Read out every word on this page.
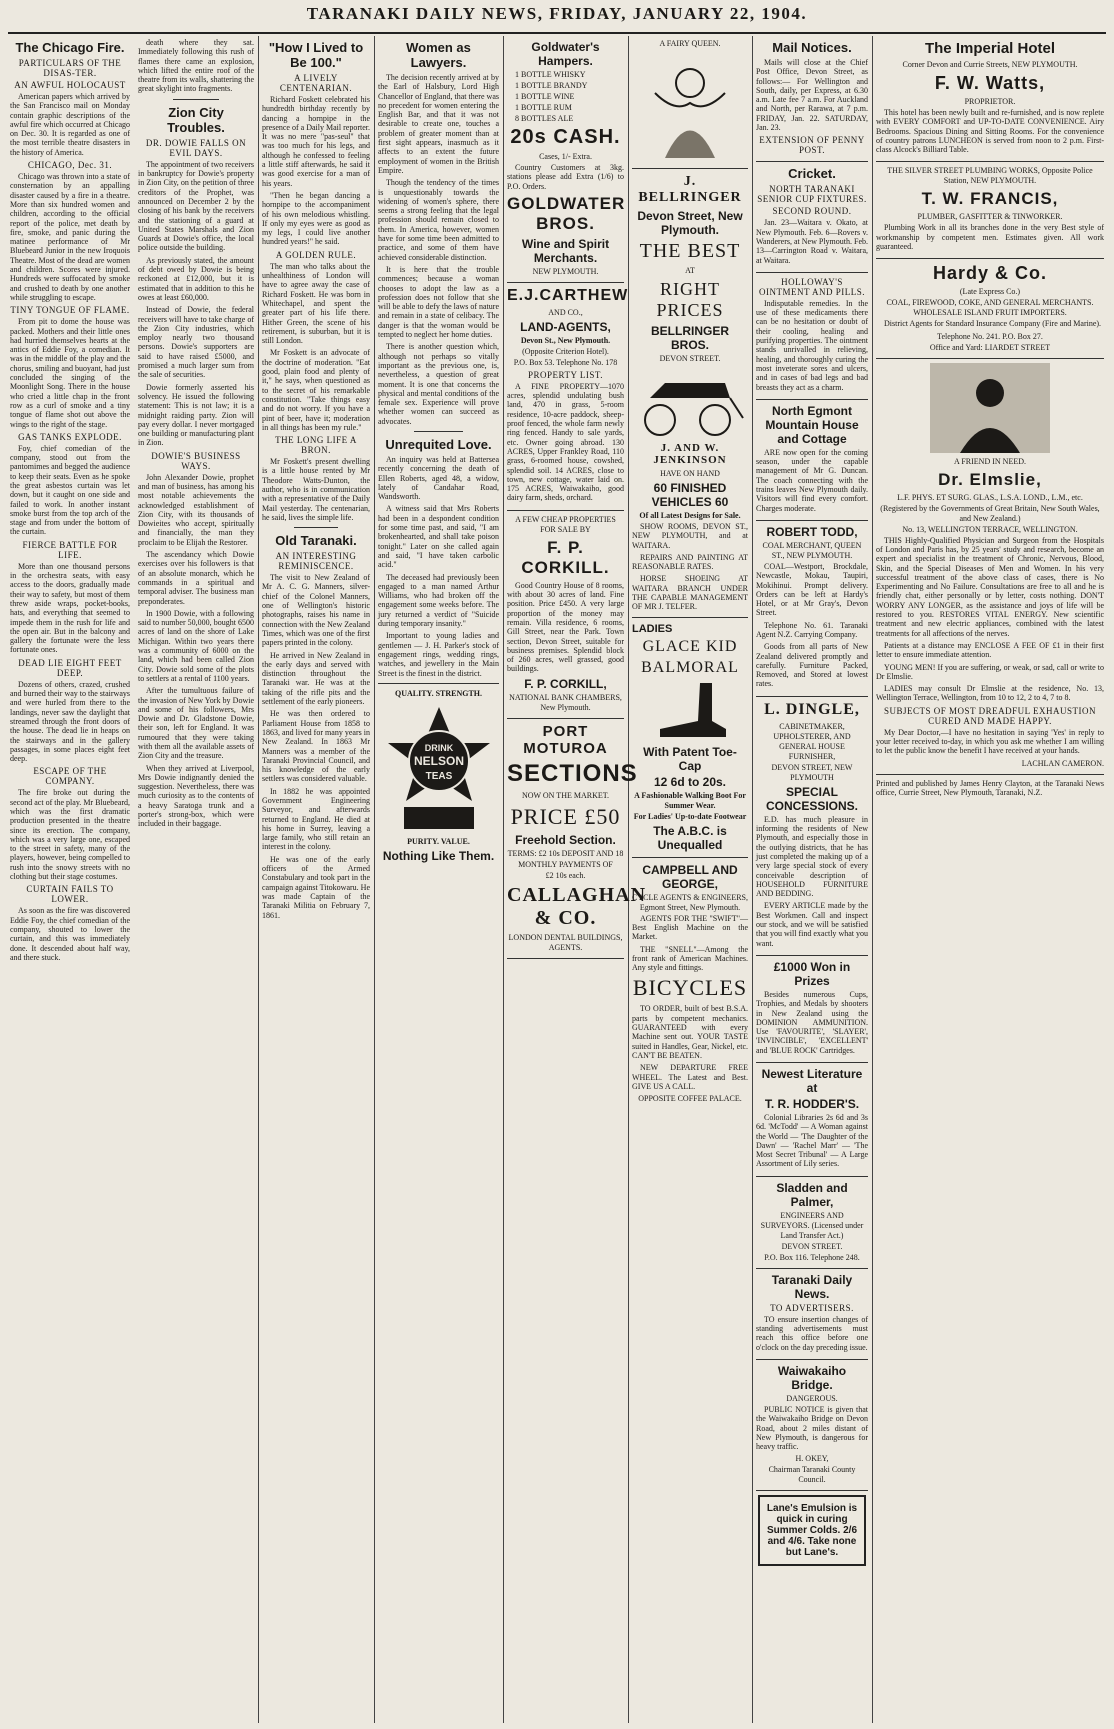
TARANAKI DAILY NEWS, FRIDAY, JANUARY 22, 1904.
The Chicago Fire.
PARTICULARS OF THE DISAS-TER.
AN AWFUL HOLOCAUST

American papers which arrived by the San Francisco mail on Monday contain graphic descriptions of the awful fire which occurred at Chicago on Dec. 30. It is regarded as one of the most terrible theatre disasters in the history of America.

CHICAGO, Dec. 31.

Chicago was thrown into a state of consternation by an appalling disaster caused by a fire in a theatre. More than six hundred women and children, according to the official report of the police, met death by fire, smoke, and panic during the matinee performance of Mr Bluebeard Junior in the new Iroquois Theatre. Most of the dead are women and children. Scores were injured. Hundreds were suffocated by smoke and crushed to death by one another while struggling to escape.

TINY TONGUE OF FLAME.

From pit to dome the house was packed. Mothers and their little ones had hurried themselves hearts at the antics of Eddie Foy, a comedian. It was in the middle of the play and the chorus, smiling and buoyant, had just concluded the singing of the Moonlight Song. There in the house who cried a little chap in the front row as a curl of smoke and a tiny tongue of flame shot out above the wings to the right of the stage.

GAS TANKS EXPLODE.

Foy, chief comedian of the company, stood out from the pantomimes and begged the audience to keep their seats. Even as he spoke the great asbestos curtain was let down, but it caught on one side and failed to work. In another instant smoke burst from the top arch of the stage and from under the bottom of the curtain.

FIERCE BATTLE FOR LIFE.

More than one thousand persons in the orchestra seats, with easy access to the doors, gradually made their way to safety, but most of them threw aside wraps, pocket-books, hats, and everything that seemed to impede them in the rush for life and the open air. But in the balcony and gallery the fortunate were the less fortunate ones.

DEAD LIE EIGHT FEET DEEP.

Dozens of others, crazed, crushed and burned their way to the stairways and were hurled from there to the landings, never saw the daylight that streamed through the front doors of the house. The dead lie in heaps on the stairways and in the gallery passages, in some places eight feet deep.

ESCAPE OF THE COMPANY.

The fire broke out during the second act of the play. Mr Bluebeard, which was the first dramatic production presented in the theatre since its erection. The company, which was a very large one, escaped to the street in safety, many of the players, however, being compelled to rush into the snowy streets with no clothing but their stage costumes.

CURTAIN FAILS TO LOWER.

As soon as the fire was discovered Eddie Foy, the chief comedian of the company, shouted to lower the curtain, and this was immediately done. It descended about half way, and there stuck.

death where they sat. Immediately following this rush of flames there came an explosion, which lifted the entire roof of the theatre from its walls, shattering the great skylight into fragments.

Zion City Troubles.
DR. DOWIE FALLS ON EVIL DAYS.

The appointment of two receivers in bankruptcy for Dowie's property in Zion City, on the petition of three creditors of the Prophet, was announced on December 2 by the closing of his bank by the receivers and the stationing of a guard at United States Marshals and Zion Guards at Dowie's office, the local police outside the building.

As previously stated, the amount of debt owed by Dowie is being reckoned at £12,000, but it is estimated that in addition to this he owes at least £60,000.

Instead of Dowie, the federal receivers will have to take charge of the Zion City industries, which employ nearly two thousand persons. Dowie's supporters are said to have raised £5000, and promised a much larger sum from the sale of securities.

Dowie formerly asserted his solvency. He issued the following statement: This is not law; it is a midnight raiding party. Zion will pay every dollar. I never mortgaged one building or manufacturing plant in Zion.

DOWIE'S BUSINESS WAYS.

John Alexander Dowie, prophet and man of business, has among his most notable achievements the acknowledged establishment of Zion City, with its thousands of Dowieites who accept, spiritually and financially, the man they proclaim to be Elijah the Restorer.

The ascendancy which Dowie exercises over his followers is that of an absolute monarch, which he commands in a spiritual and temporal adviser. The business man preponderates.

In 1900 Dowie, with a following said to number 50,000, bought 6500 acres of land on the shore of Lake Michigan. Within two years there was a community of 6000 on the land, which had been called Zion City. Dowie sold some of the plots to settlers at a rental of 1100 years.

After the tumultuous failure of the invasion of New York by Dowie and some of his followers, Mrs Dowie and Dr. Gladstone Dowie, their son, left for England. It was rumoured that they were taking with them all the available assets of Zion City and the treasure.

When they arrived at Liverpool, Mrs Dowie indignantly denied the suggestion. Nevertheless, there was much curiosity as to the contents of a heavy Saratoga trunk and a porter's strong-box, which were included in their baggage.

"How I Lived to Be 100."
A LIVELY CENTENARIAN.

Richard Foskett celebrated his hundredth birthday recently by dancing a hornpipe in the presence of a Daily Mail reporter. It was no mere "pas-seul" that was too much for his legs, and although he confessed to feeling a little stiff afterwards, he said it was good exercise for a man of his years.

"Then he began dancing a hornpipe to the accompaniment of his own melodious whistling. If only my eyes were as good as my legs, I could live another hundred years!" he said.

A GOLDEN RULE.

The man who talks about the unhealthiness of London will have to agree away the case of Richard Foskett. He was born in Whitechapel, and spent the greater part of his life there. Hither Green, the scene of his retirement, is suburban, but it is still London.

Mr Foskett is an advocate of the doctrine of moderation. "Eat good, plain food and plenty of it," he says, when questioned as to the secret of his remarkable constitution. "Take things easy and do not worry. If you have a pint of beer, have it; moderation in all things has been my rule."

THE LONG LIFE A BRON.

Mr Foskett's present dwelling is a little house rented by Mr Theodore Watts-Dunton, the author, who is in communication with a representative of the Daily Mail yesterday. The centenarian, he said, lives the simple life.

Old Taranaki.
AN INTERESTING REMINISCENCE.

The visit to New Zealand of Mr A. C. G. Manners, silver-chief of the Colonel Manners, one of Wellington's historic photographs, raises his name in connection with the New Zealand Times, which was one of the first papers printed in the colony.

He arrived in New Zealand in the early days and served with distinction throughout the Taranaki war. He was at the taking of the rifle pits and the settlement of the early pioneers.

He was then ordered to Parliament House from 1858 to 1863, and lived for many years in New Zealand. In 1863 Mr Manners was a member of the Taranaki Provincial Council, and his knowledge of the early settlers was considered valuable.

In 1882 he was appointed Government Engineering Surveyor, and afterwards returned to England. He died at his home in Surrey, leaving a large family, who still retain an interest in the colony.

He was one of the early officers of the Armed Constabulary and took part in the campaign against Titokowaru. He was made Captain of the Taranaki Militia on February 7, 1861.

Women as Lawyers.

The decision recently arrived at by the Earl of Halsbury, Lord High Chancellor of England, that there was no precedent for women entering the English Bar, and that it was not desirable to create one, touches a problem of greater moment than at first sight appears, inasmuch as it affects to an extent the future employment of women in the British Empire.

Though the tendency of the times is unquestionably towards the widening of women's sphere, there seems a strong feeling that the legal profession should remain closed to them. In America, however, women have for some time been admitted to practice, and some of them have achieved considerable distinction.

It is here that the trouble commences; because a woman chooses to adopt the law as a profession does not follow that she will be able to defy the laws of nature and remain in a state of celibacy. The danger is that the woman would be tempted to neglect her home duties.

There is another question which, although not perhaps so vitally important as the previous one, is, nevertheless, a question of great moment. It is one that concerns the physical and mental conditions of the female sex. Experience will prove whether women can succeed as advocates.

Unrequited Love.

An inquiry was held at Battersea recently concerning the death of Ellen Roberts, aged 48, a widow, lately of Candahar Road, Wandsworth.

A witness said that Mrs Roberts had been in a despondent condition for some time past, and said, "I am brokenhearted, and shall take poison tonight." Later on she called again and said, "I have taken carbolic acid."

The deceased had previously been engaged to a man named Arthur Williams, who had broken off the engagement some weeks before. The jury returned a verdict of "Suicide during temporary insanity."

Important to young ladies and gentlemen — J. H. Parker's stock of engagement rings, wedding rings, watches, and jewellery in the Main Street is the finest in the district.

QUALITY. STRENGTH.
DRINK
NELSON
TEAS
PURITY. VALUE.
Nothing Like Them.
Goldwater's Hampers.
1 BOTTLE WHISKY
1 BOTTLE BRANDY
1 BOTTLE WINE
1 BOTTLE RUM
8 BOTTLES ALE
20s CASH.
Cases, 1/- Extra.
Country Customers at 3kg. stations please add Extra (1/6) to P.O. Orders.
GOLDWATER BROS.
Wine and Spirit Merchants.
NEW PLYMOUTH.
E.J.CARTHEW
AND CO.,
LAND-AGENTS,
Devon St., New Plymouth.
(Opposite Criterion Hotel).
P.O. Box 53. Telephone No. 178
PROPERTY LIST.

A FINE PROPERTY—1070 acres, splendid undulating bush land, 470 in grass, 5-room residence, 10-acre paddock, sheep-proof fenced, the whole farm newly ring fenced. Handy to sale yards, etc. Owner going abroad. 130 ACRES, Upper Frankley Road, 110 grass, 6-roomed house, cowshed, splendid soil. 14 ACRES, close to town, new cottage, water laid on. 175 ACRES, Waiwakaiho, good dairy farm, sheds, orchard.

A FEW CHEAP PROPERTIES FOR SALE BY
F. P. CORKILL.

Good Country House of 8 rooms, with about 30 acres of land. Fine position. Price £450. A very large proportion of the money may remain. Villa residence, 6 rooms, Gill Street, near the Park. Town section, Devon Street, suitable for business premises. Splendid block of 260 acres, well grassed, good buildings.

F. P. CORKILL,
NATIONAL BANK CHAMBERS, New Plymouth.
PORT MOTUROA
SECTIONS
NOW ON THE MARKET.
PRICE £50
Freehold Section.
TERMS: £2 10s DEPOSIT AND 18
MONTHLY PAYMENTS OF
£2 10s each.
CALLAGHAN & CO.
LONDON DENTAL BUILDINGS, AGENTS.
A FAIRY QUEEN.
J. BELLRINGER
Devon Street, New Plymouth.
THE BEST
AT
RIGHT PRICES
BELLRINGER BROS.
DEVON STREET.
J. AND W. JENKINSON
HAVE ON HAND
60 FINISHED VEHICLES 60
Of all Latest Designs for Sale.

SHOW ROOMS, DEVON ST., NEW PLYMOUTH, and at WAITARA.

REPAIRS AND PAINTING AT REASONABLE RATES.

HORSE SHOEING AT WAITARA BRANCH UNDER THE CAPABLE MANAGEMENT OF MR J. TELFER.

LADIES
GLACE KID
BALMORAL
With Patent Toe-Cap
12 6d to 20s.
A Fashionable Walking Boot For Summer Wear.
For Ladies' Up-to-date Footwear
The A.B.C. is Unequalled
CAMPBELL AND GEORGE,
CYCLE AGENTS & ENGINEERS, Egmont Street, New Plymouth.

AGENTS FOR THE "SWIFT"—Best English Machine on the Market.

THE "SNELL"—Among the front rank of American Machines. Any style and fittings.

BICYCLES

TO ORDER, built of best B.S.A. parts by competent mechanics. GUARANTEED with every Machine sent out. YOUR TASTE suited in Handles, Gear, Nickel, etc. CAN'T BE BEATEN.

NEW DEPARTURE FREE WHEEL. The Latest and Best. GIVE US A CALL.

OPPOSITE COFFEE PALACE.
Mail Notices.

Mails will close at the Chief Post Office, Devon Street, as follows:— For Wellington and South, daily, per Express, at 6.30 a.m. Late fee 7 a.m. For Auckland and North, per Rarawa, at 7 p.m. FRIDAY, Jan. 22. SATURDAY, Jan. 23.

EXTENSION OF PENNY POST.
Cricket.
NORTH TARANAKI SENIOR CUP FIXTURES.
SECOND ROUND.

Jan. 23—Waitara v. Okato, at New Plymouth. Feb. 6—Rovers v. Wanderers, at New Plymouth. Feb. 13—Carrington Road v. Waitara, at Waitara.

HOLLOWAY'S OINTMENT AND PILLS.

Indisputable remedies. In the use of these medicaments there can be no hesitation or doubt of their cooling, healing and purifying properties. The ointment stands unrivalled in relieving, healing, and thoroughly curing the most inveterate sores and ulcers, and in cases of bad legs and bad breasts they act as a charm.

North Egmont Mountain House and Cottage

ARE now open for the coming season, under the capable management of Mr G. Duncan. The coach connecting with the trains leaves New Plymouth daily. Visitors will find every comfort. Charges moderate.

ROBERT TODD,
COAL MERCHANT, QUEEN ST., NEW PLYMOUTH.

COAL—Westport, Brockdale, Newcastle, Mokau, Taupiri, Mokihinui. Prompt delivery. Orders can be left at Hardy's Hotel, or at Mr Gray's, Devon Street.

Telephone No. 61. Taranaki Agent N.Z. Carrying Company.

Goods from all parts of New Zealand delivered promptly and carefully. Furniture Packed, Removed, and Stored at lowest rates.

L. DINGLE,
CABINETMAKER, UPHOLSTERER, AND GENERAL HOUSE FURNISHER,
DEVON STREET, NEW PLYMOUTH
SPECIAL CONCESSIONS.

E.D. has much pleasure in informing the residents of New Plymouth, and especially those in the outlying districts, that he has just completed the making up of a very large special stock of every conceivable description of HOUSEHOLD FURNITURE AND BEDDING.

EVERY ARTICLE made by the Best Workmen. Call and inspect our stock, and we will be satisfied that you will find exactly what you want.

£1000 Won in Prizes

Besides numerous Cups, Trophies, and Medals by shooters in New Zealand using the DOMINION AMMUNITION. Use 'FAVOURITE', 'SLAYER', 'INVINCIBLE', 'EXCELLENT' and 'BLUE ROCK' Cartridges.

Newest Literature at
T. R. HODDER'S.

Colonial Libraries 2s 6d and 3s 6d. 'McTodd' — A Woman against the World — 'The Daughter of the Dawn' — 'Rachel Marr' — 'The Most Secret Tribunal' — A Large Assortment of Lily series.

Sladden and Palmer,
ENGINEERS AND SURVEYORS. (Licensed under Land Transfer Act.)
DEVON STREET.
P.O. Box 116. Telephone 248.
Taranaki Daily News.
TO ADVERTISERS.

TO ensure insertion changes of standing advertisements must reach this office before one o'clock on the day preceding issue.

Waiwakaiho Bridge.
DANGEROUS.

PUBLIC NOTICE is given that the Waiwakaiho Bridge on Devon Road, about 2 miles distant of New Plymouth, is dangerous for heavy traffic.

H. OKEY,
Chairman Taranaki County Council.
Lane's Emulsion is quick in curing Summer Colds. 2/6 and 4/6. Take none but Lane's.
The Imperial Hotel
Corner Devon and Currie Streets, NEW PLYMOUTH.
F. W. Watts,
PROPRIETOR.

This hotel has been newly built and re-furnished, and is now replete with EVERY COMFORT and UP-TO-DATE CONVENIENCE. Airy Bedrooms. Spacious Dining and Sitting Rooms. For the convenience of country patrons LUNCHEON is served from noon to 2 p.m. First-class Alcock's Billiard Table.

THE SILVER STREET PLUMBING WORKS, Opposite Police Station, NEW PLYMOUTH.
T. W. FRANCIS,
PLUMBER, GASFITTER & TINWORKER.

Plumbing Work in all its branches done in the very Best style of workmanship by competent men. Estimates given. All work guaranteed.

Hardy & Co.
(Late Express Co.)
COAL, FIREWOOD, COKE, AND GENERAL MERCHANTS. WHOLESALE ISLAND FRUIT IMPORTERS.

District Agents for Standard Insurance Company (Fire and Marine).

Telephone No. 241. P.O. Box 27.
Office and Yard: LIARDET STREET
A FRIEND IN NEED.
Dr. Elmslie,
L.F. PHYS. ET SURG. GLAS., L.S.A. LOND., L.M., etc.
(Registered by the Governments of Great Britain, New South Wales, and New Zealand.)
No. 13, WELLINGTON TERRACE, WELLINGTON.

THIS Highly-Qualified Physician and Surgeon from the Hospitals of London and Paris has, by 25 years' study and research, become an expert and specialist in the treatment of Chronic, Nervous, Blood, Skin, and the Special Diseases of Men and Women. In his very successful treatment of the above class of cases, there is No Experimenting and No Failure. Consultations are free to all and he is friendly chat, either personally or by letter, costs nothing. DON'T WORRY ANY LONGER, as the assistance and joys of life will be restored to you. RESTORES VITAL ENERGY. New scientific treatment and new electric appliances, combined with the latest treatments for all affections of the nerves.

Patients at a distance may ENCLOSE A FEE OF £1 in their first letter to ensure immediate attention.

YOUNG MEN! If you are suffering, or weak, or sad, call or write to Dr Elmslie.

LADIES may consult Dr Elmslie at the residence, No. 13, Wellington Terrace, Wellington, from 10 to 12, 2 to 4, 7 to 8.

SUBJECTS OF MOST DREADFUL EXHAUSTION CURED AND MADE HAPPY.

My Dear Doctor,—I have no hesitation in saying 'Yes' in reply to your letter received to-day, in which you ask me whether I am willing to let the public know the benefit I have received at your hands.

LACHLAN CAMERON.

Printed and published by James Henry Clayton, at the Taranaki News office, Currie Street, New Plymouth, Taranaki, N.Z.
